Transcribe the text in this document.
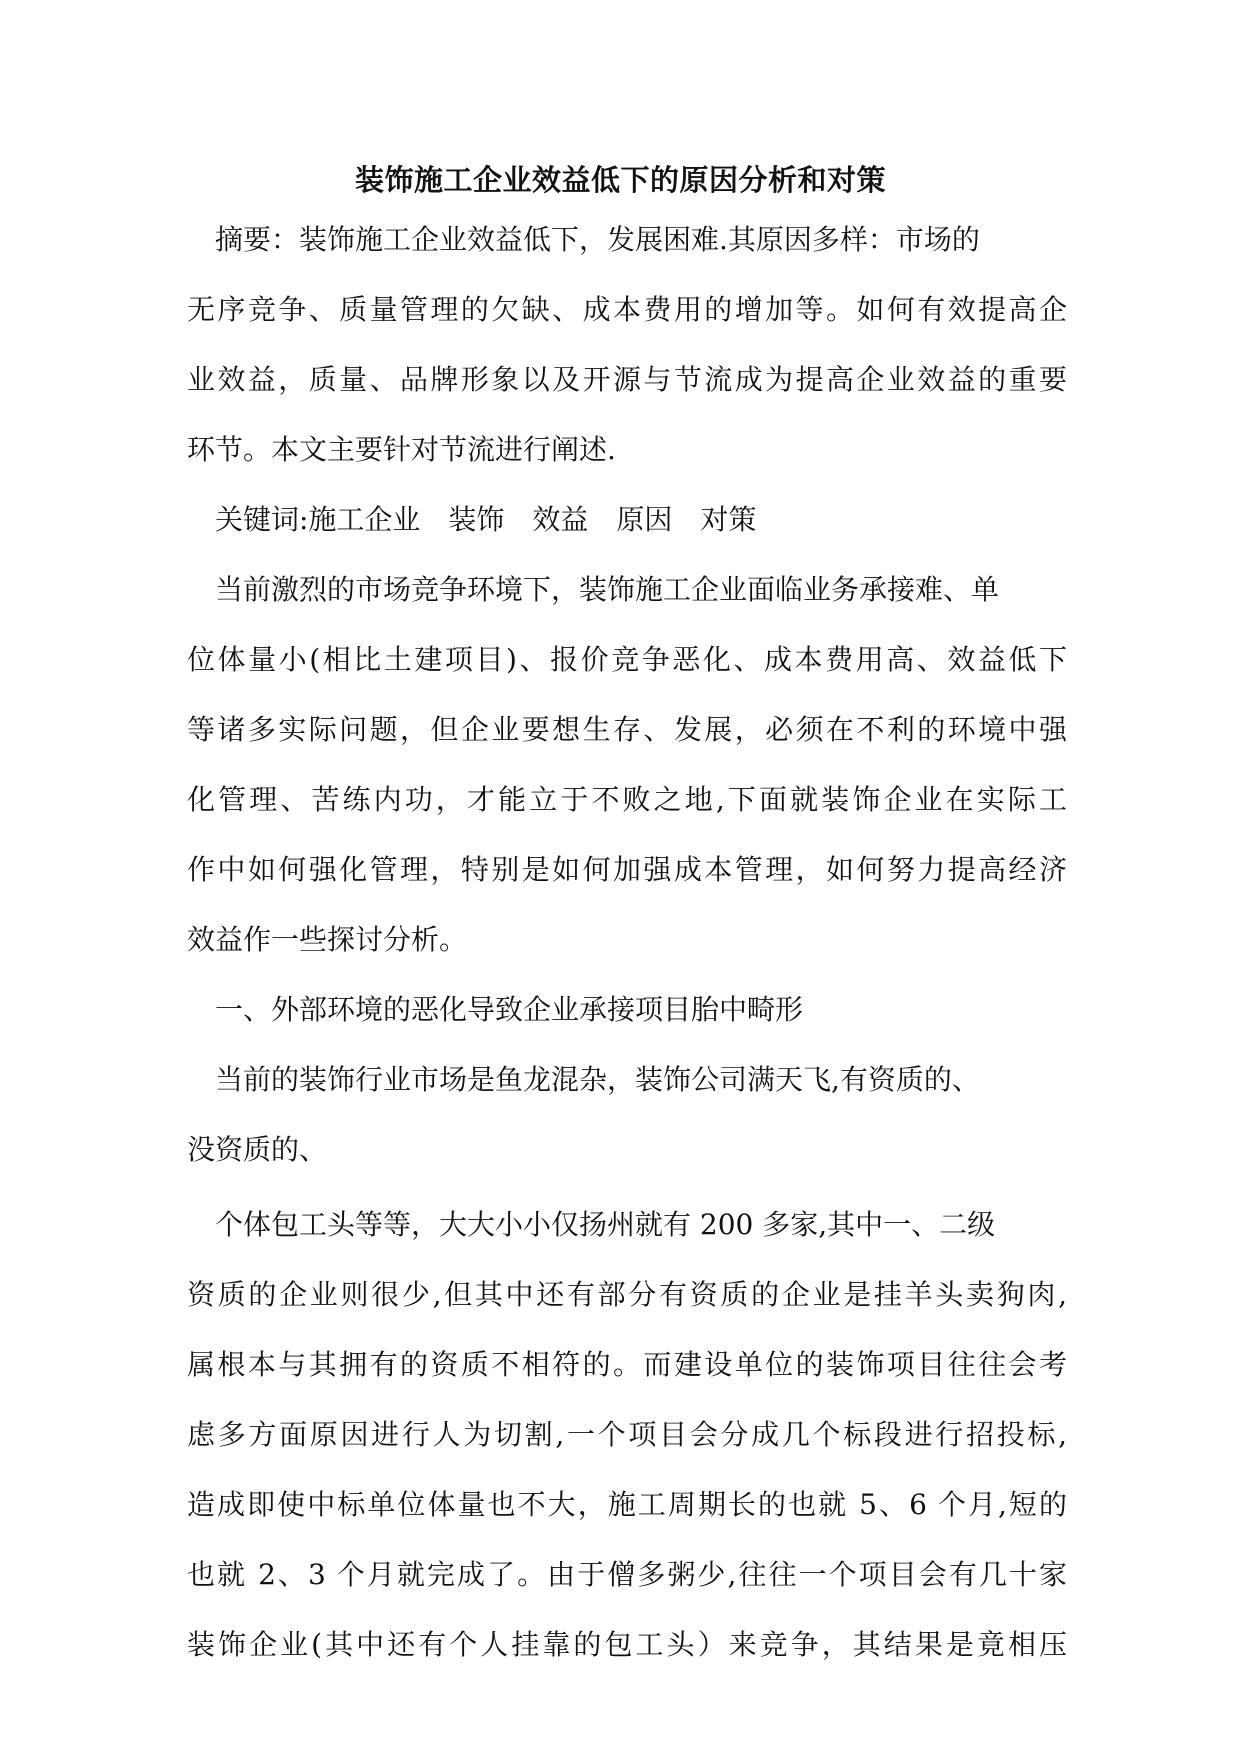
装饰施工企业效益低下的原因分析和对策

摘要：装饰施工企业效益低下，发展困难.其原因多样：市场的

无序竞争、质量管理的欠缺、成本费用的增加等。如何有效提高企

业效益，质量、品牌形象以及开源与节流成为提高企业效益的重要

环节。本文主要针对节流进行阐述.

关键词:施工企业　装饰　效益　原因　对策

当前激烈的市场竞争环境下，装饰施工企业面临业务承接难、单

位体量小(相比土建项目)、报价竞争恶化、成本费用高、效益低下

等诸多实际问题，但企业要想生存、发展，必须在不利的环境中强

化管理、苦练内功，才能立于不败之地,下面就装饰企业在实际工

作中如何强化管理，特别是如何加强成本管理，如何努力提高经济

效益作一些探讨分析。

一、外部环境的恶化导致企业承接项目胎中畸形

当前的装饰行业市场是鱼龙混杂，装饰公司满天飞,有资质的、

没资质的、

个体包工头等等，大大小小仅扬州就有 200 多家,其中一、二级

资质的企业则很少,但其中还有部分有资质的企业是挂羊头卖狗肉,

属根本与其拥有的资质不相符的。而建设单位的装饰项目往往会考

虑多方面原因进行人为切割,一个项目会分成几个标段进行招投标,

造成即使中标单位体量也不大，施工周期长的也就 5、6 个月,短的

也就 2、3 个月就完成了。由于僧多粥少,往往一个项目会有几十家

装饰企业(其中还有个人挂靠的包工头）来竞争，其结果是竟相压
